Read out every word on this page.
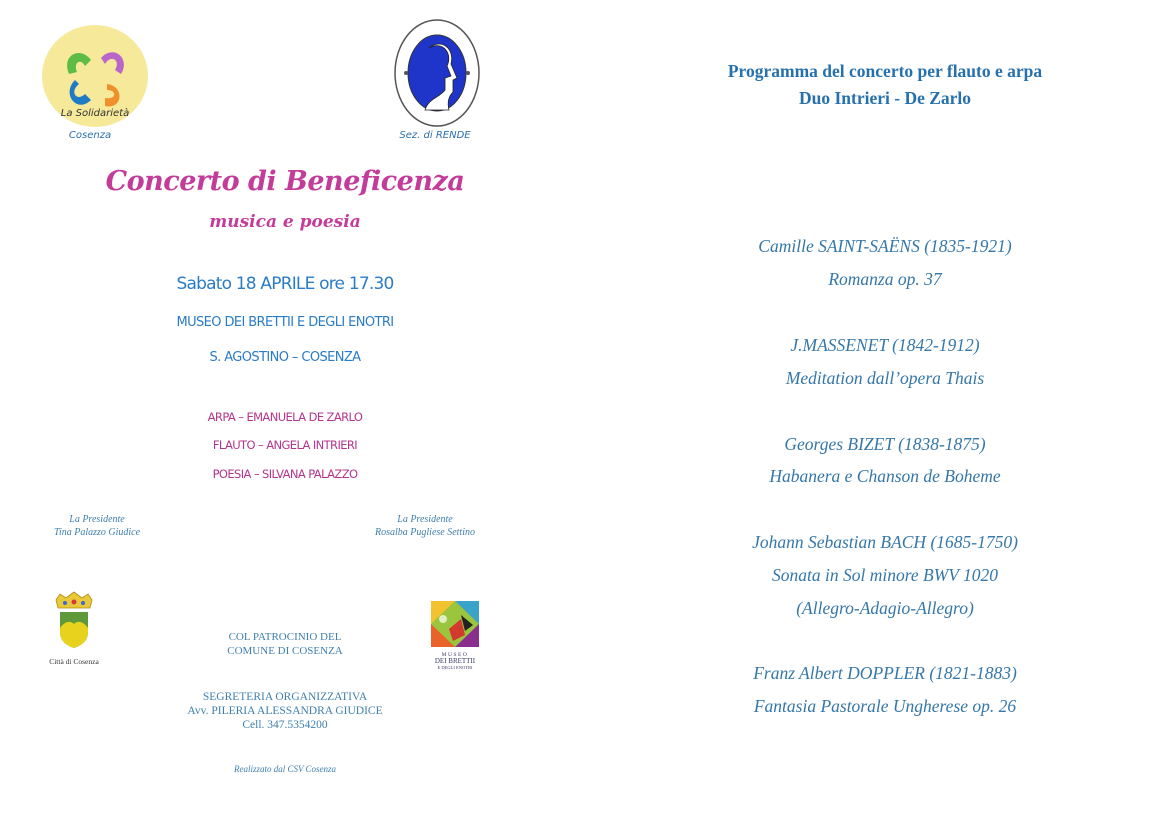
La Solidarietà
Cosenza	Sez. di RENDE
Concerto di Beneficenza
musica e poesia
Sabato 18 APRILE ore 17.30
MUSEO DEI BRETTII E DEGLI ENOTRI
S. AGOSTINO – COSENZA
ARPA – EMANUELA DE ZARLO
FLAUTO – ANGELA INTRIERI
POESIA – SILVANA PALAZZO
La Presidente
Tina Palazzo Giudice
La Presidente
Rosalba Pugliese Settino
Città di Cosenza
MUSEO
DEI BRETTII
E DEGLI ENOTRI
COL PATROCINIO DEL
COMUNE DI COSENZA
SEGRETERIA ORGANIZZATIVA
Avv. PILERIA ALESSANDRA GIUDICE
Cell. 347.5354200
Realizzato dal CSV Cosenza
Programma del concerto per flauto e arpa
Duo Intrieri - De Zarlo
Camille SAINT-SAËNS (1835-1921)
Romanza op. 37
J.MASSENET (1842-1912)
Meditation dall’opera Thais
Georges BIZET (1838-1875)
Habanera e Chanson de Boheme
Johann Sebastian BACH (1685-1750)
Sonata in Sol minore BWV 1020
(Allegro-Adagio-Allegro)
Franz Albert DOPPLER (1821-1883)
Fantasia Pastorale Ungherese op. 26
